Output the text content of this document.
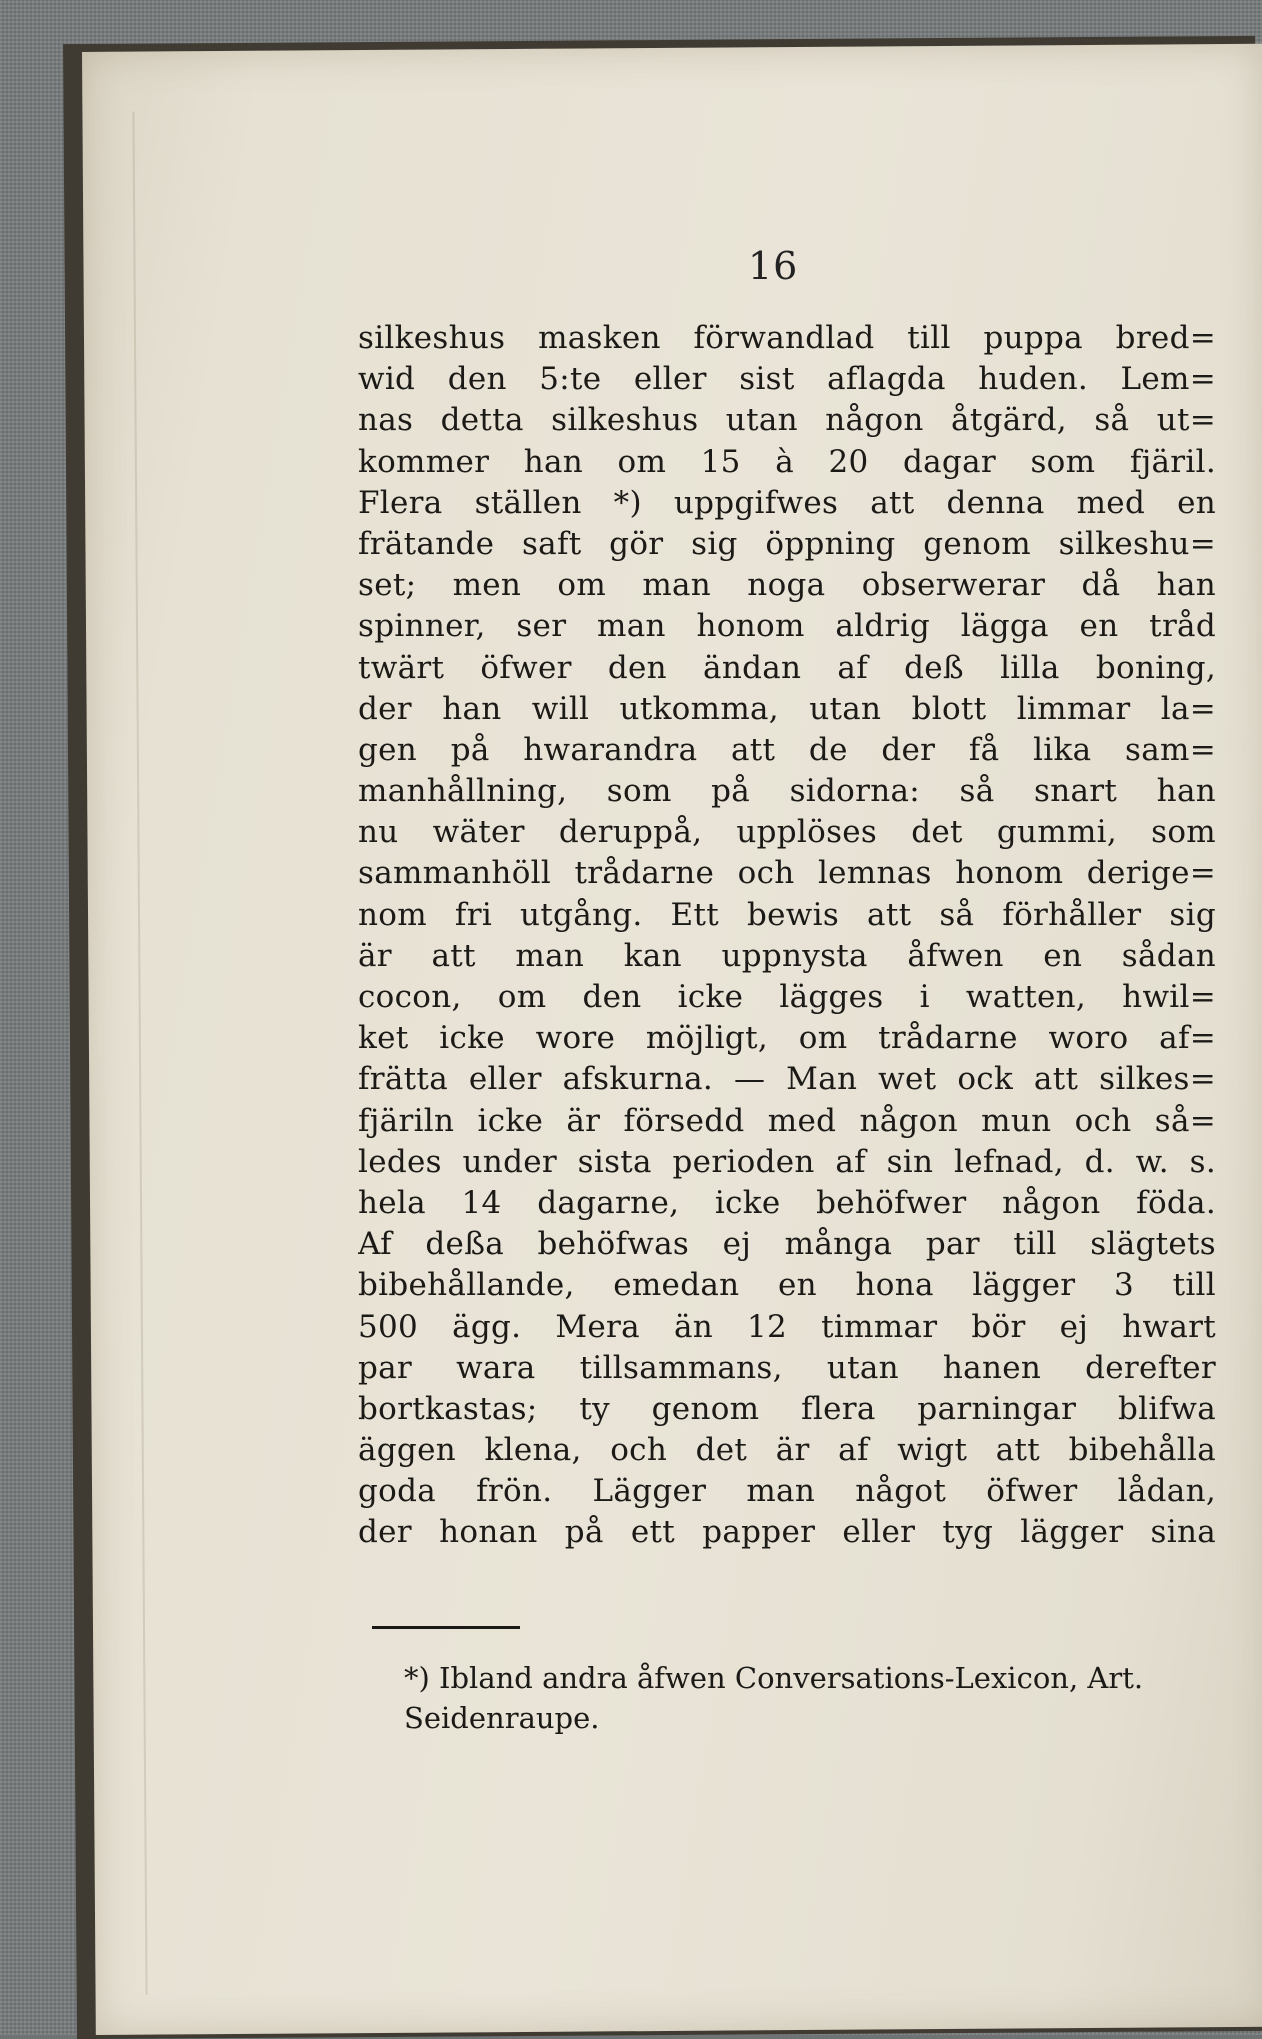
16
silkeshus masken förwandlad till puppa bred=
wid den 5:te eller sist aflagda huden. Lem=
nas detta silkeshus utan någon åtgärd, så ut=
kommer han om 15 à 20 dagar som fjäril.
Flera ställen *) uppgifwes att denna med en
frätande saft gör sig öppning genom silkeshu=
set; men om man noga obserwerar då han
spinner, ser man honom aldrig lägga en tråd
twärt öfwer den ändan af deß lilla boning,
der han will utkomma, utan blott limmar la=
gen på hwarandra att de der få lika sam=
manhållning, som på sidorna: så snart han
nu wäter deruppå, upplöses det gummi, som
sammanhöll trådarne och lemnas honom derige=
nom fri utgång. Ett bewis att så förhåller sig
är att man kan uppnysta åfwen en sådan
cocon, om den icke lägges i watten, hwil=
ket icke wore möjligt, om trådarne woro af=
frätta eller afskurna. — Man wet ock att silkes=
fjäriln icke är försedd med någon mun och så=
ledes under sista perioden af sin lefnad, d. w. s.
hela 14 dagarne, icke behöfwer någon föda.
Af deßa behöfwas ej många par till slägtets
bibehållande, emedan en hona lägger 3 till
500 ägg. Mera än 12 timmar bör ej hwart
par wara tillsammans, utan hanen derefter
bortkastas; ty genom flera parningar blifwa
äggen klena, och det är af wigt att bibehålla
goda frön. Lägger man något öfwer lådan,
der honan på ett papper eller tyg lägger sina
*) Ibland andra åfwen Conversations-Lexicon, Art.
Seidenraupe.
